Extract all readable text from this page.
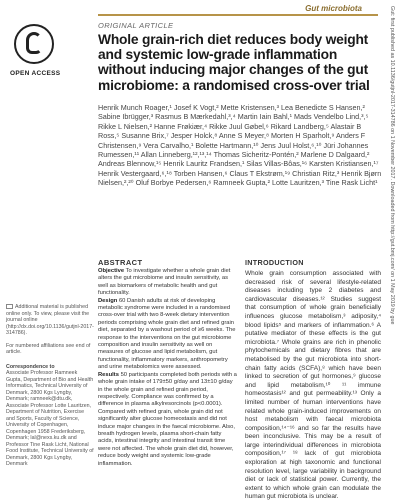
Gut microbiota	Gut: first published as 10.1136/gutjnl-2017-314786 on 1 November 2017. Downloaded from http://gut.bmj.com/ on 1 May 2019 by gue
OPEN ACCESS
ORIGINAL ARTICLE
Whole grain-rich diet reduces body weight and systemic low-grade inflammation without inducing major changes of the gut microbiome: a randomised cross-over trial
Henrik Munch Roager,¹ Josef K Vogt,² Mette Kristensen,³ Lea Benedicte S Hansen,² Sabine Ibrügger,³ Rasmus B Mærkedahl,³,⁴ Martin Iain Bahl,¹ Mads Vendelbo Lind,³,⁵ Rikke L Nielsen,² Hanne Frøkiær,⁴ Rikke Juul Gøbel,⁶ Rikard Landberg,⁵ Alastair B Ross,⁵ Susanne Brix,⁷ Jesper Holck,⁸ Anne S Meyer,⁸ Morten H Sparholt,⁹ Anders F Christensen,⁹ Vera Carvalho,¹ Bolette Hartmann,¹⁰ Jens Juul Holst,⁶,¹⁰ Jüri Johannes Rumessen,¹¹ Allan Linneberg,¹²,¹³,¹⁴ Thomas Sicheritz-Pontén,² Marlene D Dalgaard,² Andreas Blennow,¹⁵ Henrik Lauritz Frandsen,¹ Silas Villas-Bôas,¹⁶ Karsten Kristiansen,¹⁷ Henrik Vestergaard,⁶,¹⁸ Torben Hansen,⁶ Claus T Ekstrøm,¹⁹ Christian Ritz,³ Henrik Bjørn Nielsen,²,²⁰ Oluf Borbye Pedersen,⁶ Ramneek Gupta,² Lotte Lauritzen,³ Tine Rask Licht¹
Additional material is published online only. To view, please visit the journal online (http://dx.doi.org/10.1136/gutjnl-2017-314786).
For numbered affiliations see end of article.
Correspondence to
Associate Professor Ramneek Gupta, Department of Bio and Health Informatics, Technical University of Denmark, 2800 Kgs Lyngby, Denmark; ramneek@dtu.dk, Associate Professor Lotte Lauritzen, Department of Nutrition, Exercise and Sports, Faculty of Science, University of Copenhagen, Copenhagen 1958 Frederiksberg, Denmark; lal@nexs.ku.dk and Professor Tine Rask Licht, National Food Institute, Technical University of Denmark, 2800 Kgs Lyngby, Denmark
ABSTRACT
Objective To investigate whether a whole grain diet alters the gut microbiome and insulin sensitivity, as well as biomarkers of metabolic health and gut functionality.
Design 60 Danish adults at risk of developing metabolic syndrome were included in a randomised cross-over trial with two 8-week dietary intervention periods comprising whole grain diet and refined grain diet, separated by a washout period of ≥6 weeks. The response to the interventions on the gut microbiome composition and insulin sensitivity as well on measures of glucose and lipid metabolism, gut functionality, inflammatory markers, anthropometry and urine metabolomics were assessed.
Results 50 participants completed both periods with a whole grain intake of 179±50 g/day and 13±10 g/day in the whole grain and refined grain period, respectively. Compliance was confirmed by a difference in plasma alkylresorcinols (p<0.0001). Compared with refined grain, whole grain did not significantly alter glucose homeostasis and did not induce major changes in the faecal microbiome. Also, breath hydrogen levels, plasma short-chain fatty acids, intestinal integrity and intestinal transit time were not affected. The whole grain diet did, however, reduce body weight and systemic low-grade inflammation.
INTRODUCTION
Whole grain consumption associated with decreased risk of several lifestyle-related diseases including type 2 diabetes and cardiovascular diseases.¹² Studies suggest that consumption of whole grain beneficially influences glucose metabolism,³ adiposity,⁴ blood lipids⁵ and markers of inflammation.⁶ A putative mediator of these effects is the gut microbiota.⁷ Whole grains are rich in phenolic phytochemicals and dietary fibres that are metabolised by the gut microbiota into short-chain fatty acids (SCFA),⁸ which have been linked to secretion of gut hormones,⁹ glucose and lipid metabolism,¹⁰ ¹¹ immune homeostasis¹² and gut permeability.¹³ Only a limited number of human interventions have related whole grain-induced improvements on host metabolism with faecal microbiota composition,¹⁴⁻¹⁶ and so far the results have been inconclusive. This may be a result of large interindividual differences in microbiota composition,¹⁷ ¹⁸ lack of gut microbiota exploration at high taxonomic and functional resolution level, large variability in background diet or lack of statistical power. Currently, the extent to which whole grain can modulate the human gut microbiota is unclear.
